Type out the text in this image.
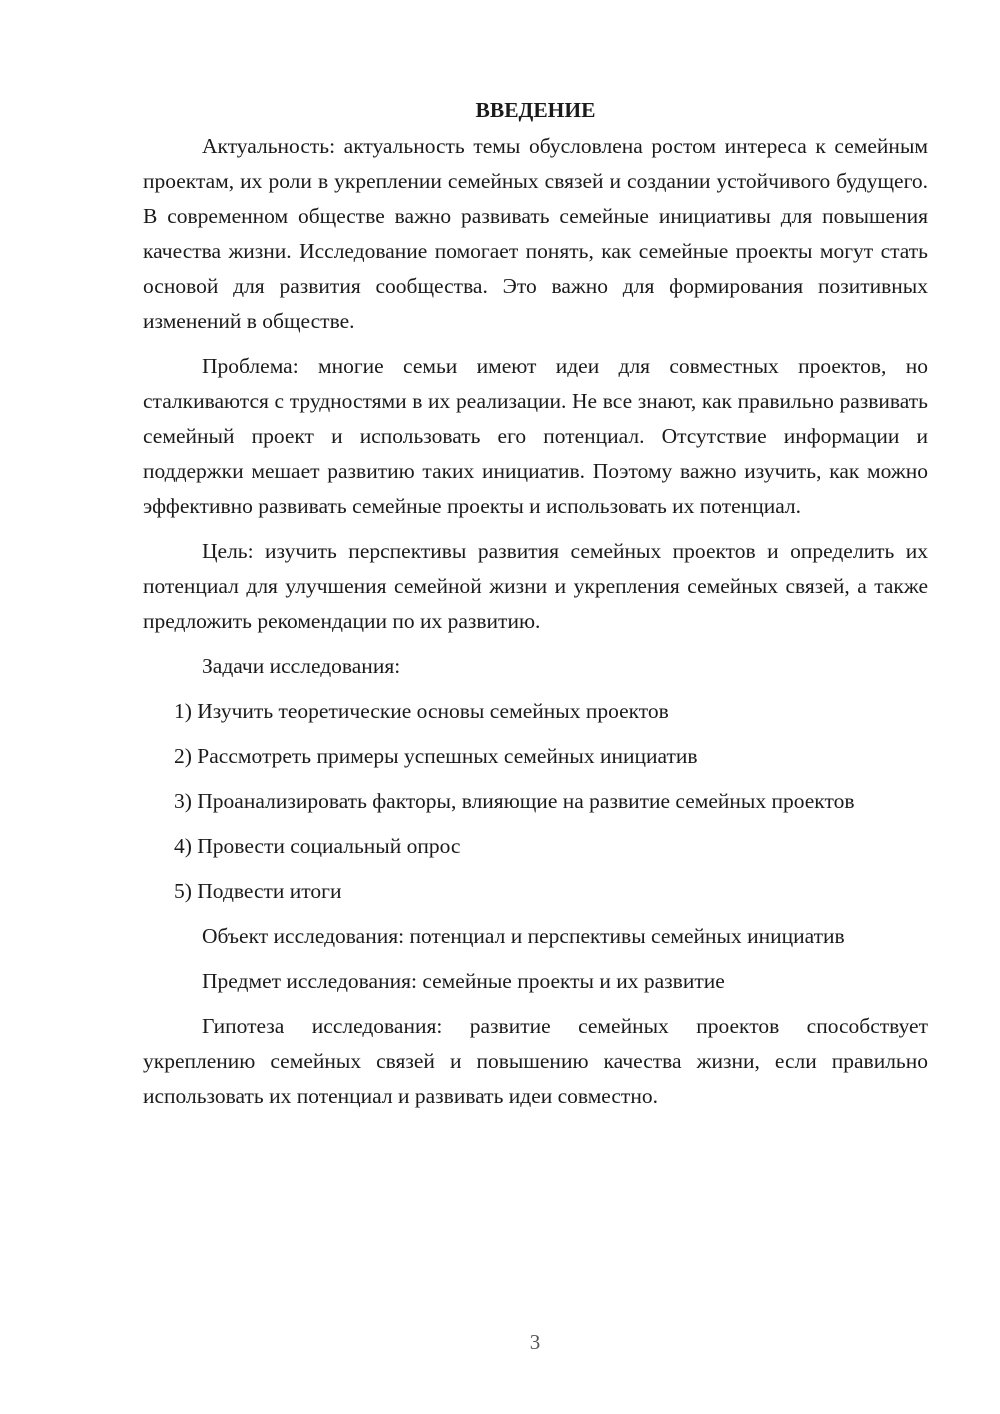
ВВЕДЕНИЕ

Актуальность: актуальность темы обусловлена ростом интереса к семейным проектам, их роли в укреплении семейных связей и создании устойчивого будущего. В современном обществе важно развивать семейные инициативы для повышения качества жизни. Исследование помогает понять, как семейные проекты могут стать основой для развития сообщества. Это важно для формирования позитивных изменений в обществе.

Проблема: многие семьи имеют идеи для совместных проектов, но сталкиваются с трудностями в их реализации. Не все знают, как правильно развивать семейный проект и использовать его потенциал. Отсутствие информации и поддержки мешает развитию таких инициатив. Поэтому важно изучить, как можно эффективно развивать семейные проекты и использовать их потенциал.

Цель: изучить перспективы развития семейных проектов и определить их потенциал для улучшения семейной жизни и укрепления семейных связей, а также предложить рекомендации по их развитию.

Задачи исследования:

1) Изучить теоретические основы семейных проектов

2) Рассмотреть примеры успешных семейных инициатив

3) Проанализировать факторы, влияющие на развитие семейных проектов

4) Провести социальный опрос

5) Подвести итоги

Объект исследования: потенциал и перспективы семейных инициатив

Предмет исследования: семейные проекты и их развитие

Гипотеза исследования: развитие семейных проектов способствует укреплению семейных связей и повышению качества жизни, если правильно использовать их потенциал и развивать идеи совместно.

3
